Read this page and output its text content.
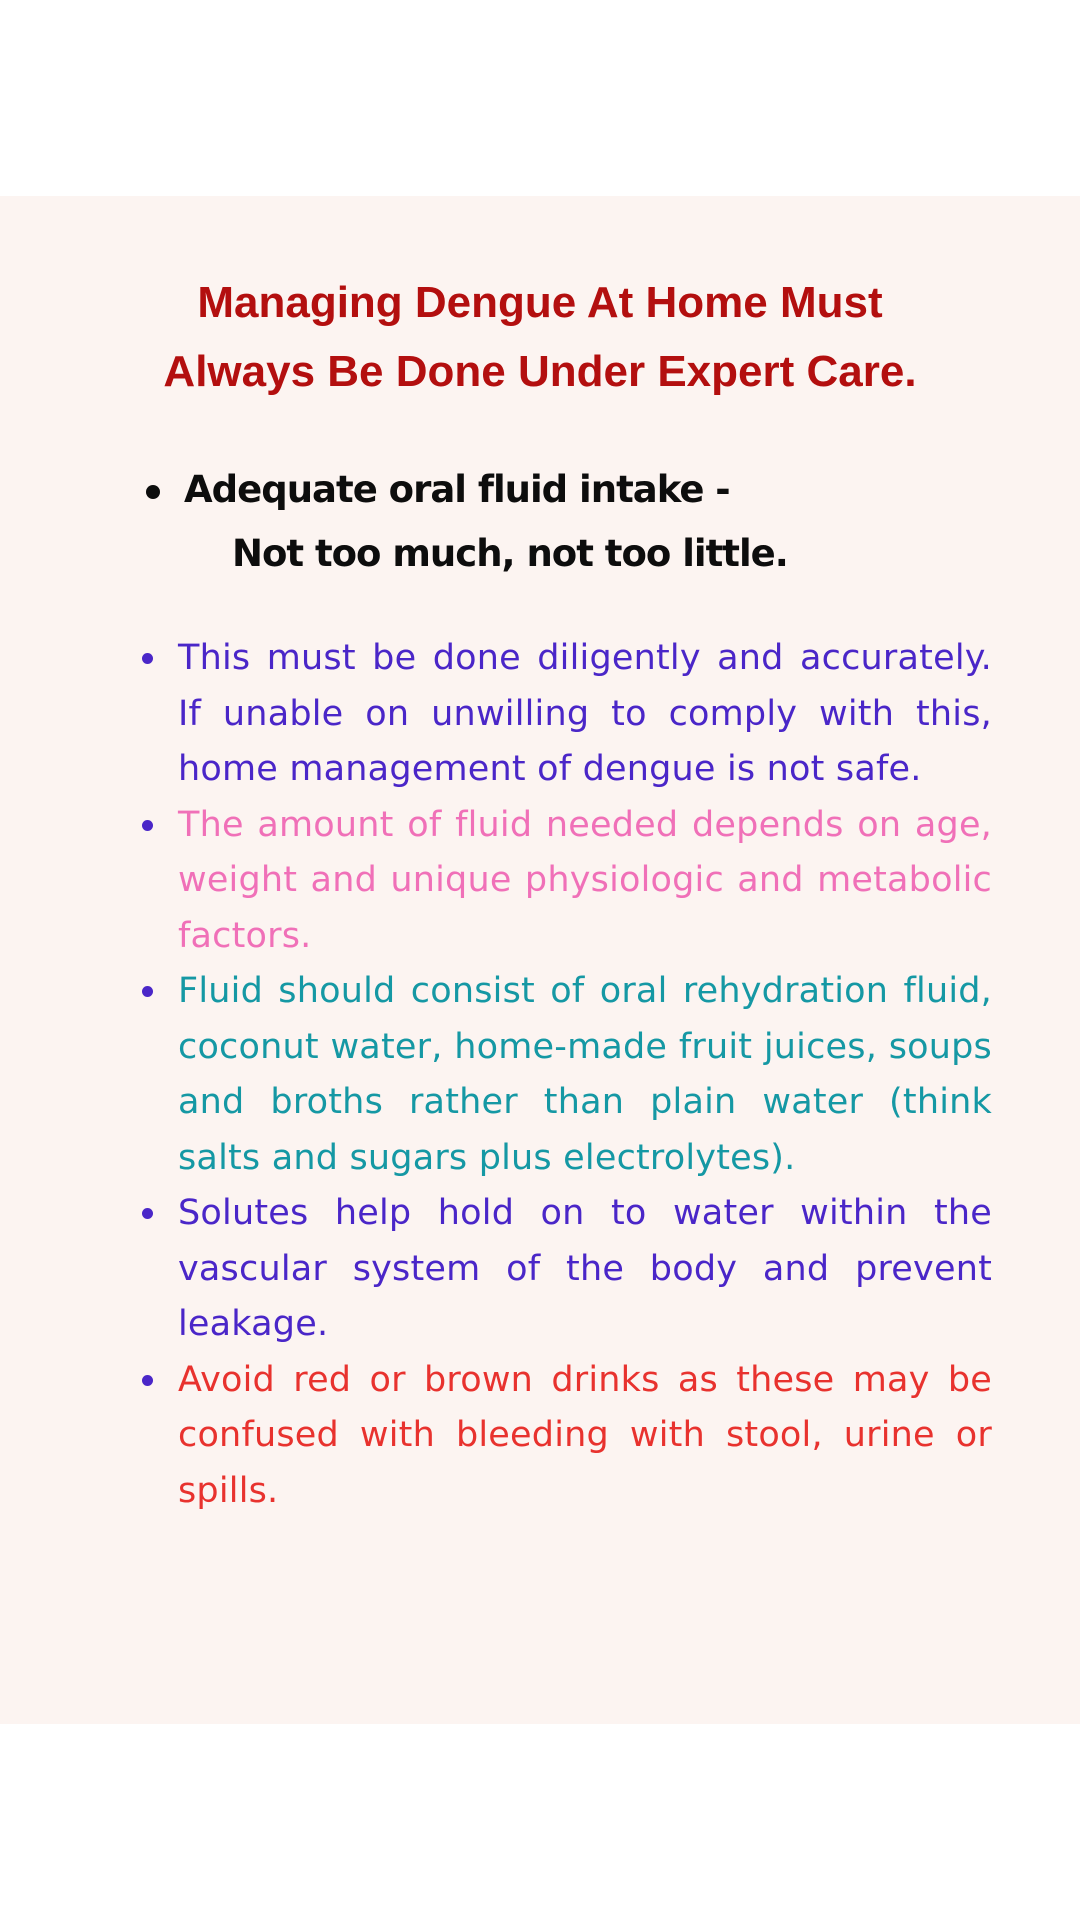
Managing Dengue At Home Must
Always Be Done Under Expert Care.
Adequate oral fluid intake -
Not too much, not too little.
This must be done diligently and accurately. If unable on unwilling to comply with this, home management of dengue is not safe.
The amount of fluid needed depends on age, weight and unique physiologic and metabolic factors.
Fluid should consist of oral rehydration fluid, coconut water, home-made fruit juices, soups and broths rather than plain water (think salts and sugars plus electrolytes).
Solutes help hold on to water within the vascular system of the body and prevent leakage.
Avoid red or brown drinks as these may be confused with bleeding with stool, urine or spills.
